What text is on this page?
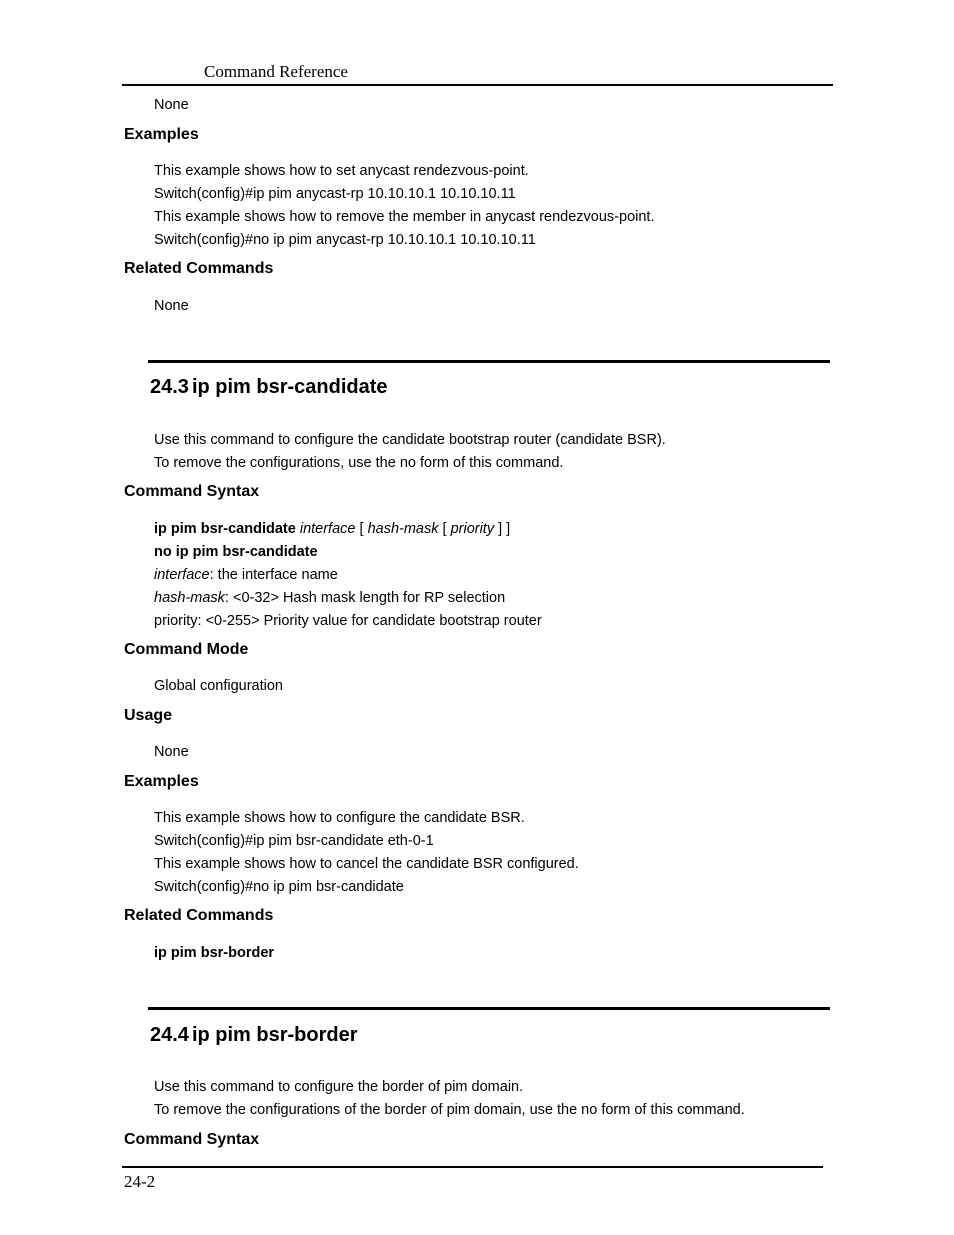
Command Reference
None
Examples
This example shows how to set anycast rendezvous-point.
Switch(config)#ip pim anycast-rp 10.10.10.1 10.10.10.11
This example shows how to remove the member in anycast rendezvous-point.
Switch(config)#no ip pim anycast-rp 10.10.10.1 10.10.10.11
Related Commands
None
24.3 ip pim bsr-candidate
Use this command to configure the candidate bootstrap router (candidate BSR).
To remove the configurations, use the no form of this command.
Command Syntax
ip pim bsr-candidate interface [ hash-mask [ priority ] ]
no ip pim bsr-candidate
interface: the interface name
hash-mask: <0-32> Hash mask length for RP selection
priority: <0-255> Priority value for candidate bootstrap router
Command Mode
Global configuration
Usage
None
Examples
This example shows how to configure the candidate BSR.
Switch(config)#ip pim bsr-candidate eth-0-1
This example shows how to cancel the candidate BSR configured.
Switch(config)#no ip pim bsr-candidate
Related Commands
ip pim bsr-border
24.4 ip pim bsr-border
Use this command to configure the border of pim domain.
To remove the configurations of the border of pim domain, use the no form of this command.
Command Syntax
24-2
